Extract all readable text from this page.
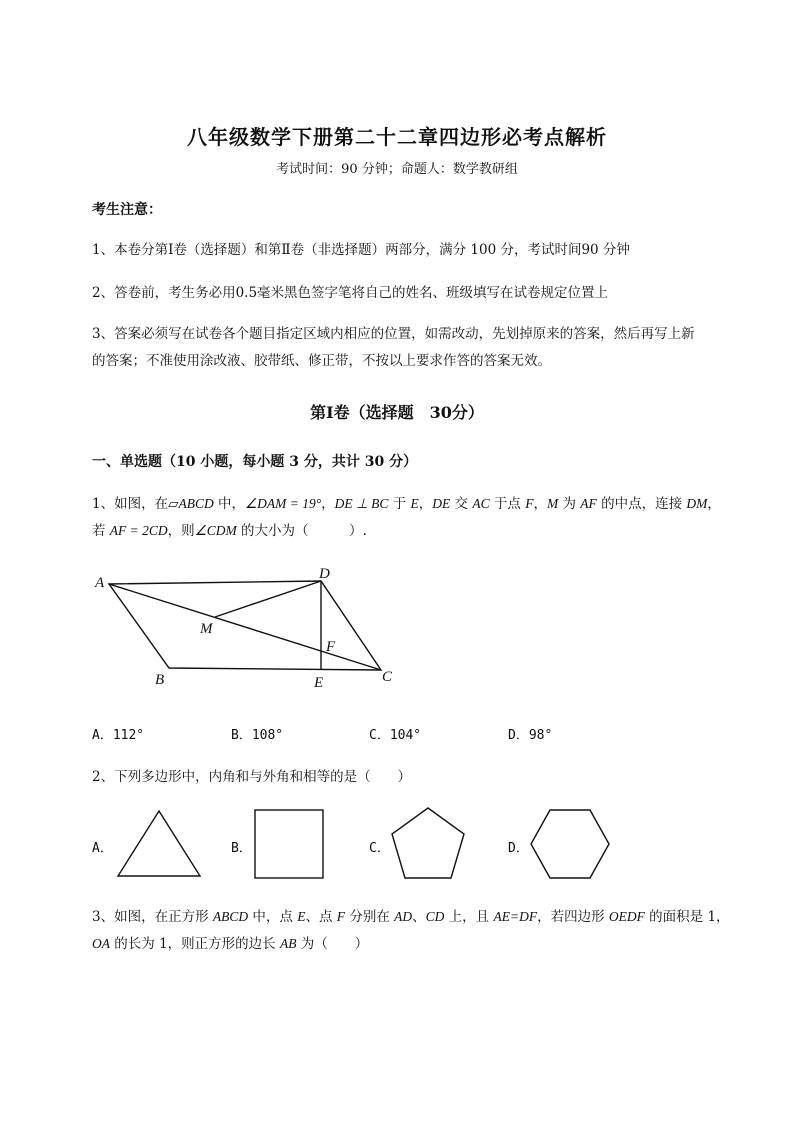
八年级数学下册第二十二章四边形必考点解析
考试时间：90 分钟；命题人：数学教研组
考生注意：
1、本卷分第Ⅰ卷（选择题）和第Ⅱ卷（非选择题）两部分，满分 100 分，考试时间90 分钟
2、答卷前，考生务必用0.5毫米黑色签字笔将自己的姓名、班级填写在试卷规定位置上
3、答案必须写在试卷各个题目指定区域内相应的位置，如需改动，先划掉原来的答案，然后再写上新
的答案；不准使用涂改液、胶带纸、修正带，不按以上要求作答的答案无效。
第Ⅰ卷（选择题　30分）
一、单选题（10 小题，每小题 3 分，共计 30 分）
1、如图，在▱ABCD 中，∠DAM = 19°，DE ⊥ BC 于 E，DE 交 AC 于点 F，M 为 AF 的中点，连接 DM，
若 AF = 2CD，则∠CDM 的大小为（　　　）.
A
D
M
F
B	E	C
A．112°	B．108°	C．104°	D．98°
2、下列多边形中，内角和与外角和相等的是（　　）
A．	B．	C．	D．
3、如图，在正方形 ABCD 中，点 E、点 F 分别在 AD、CD 上，且 AE=DF，若四边形 OEDF 的面积是 1，
OA 的长为 1，则正方形的边长 AB 为（　　）
